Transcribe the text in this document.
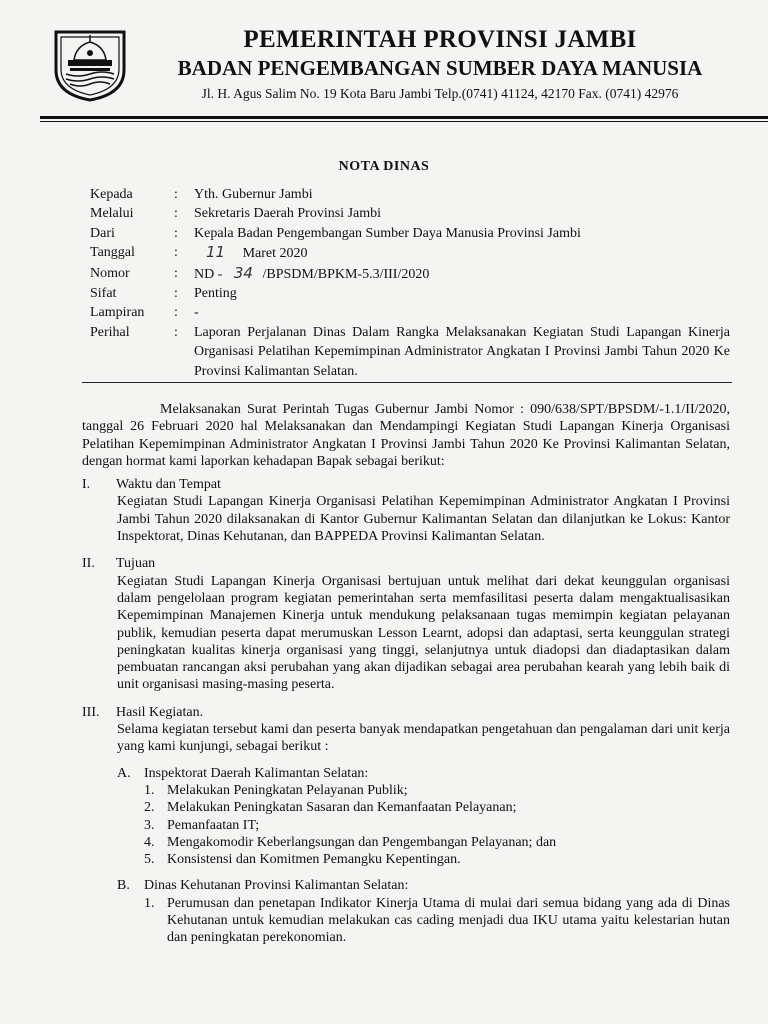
PEMERINTAH PROVINSI JAMBI
BADAN PENGEMBANGAN SUMBER DAYA MANUSIA
Jl. H. Agus Salim No. 19 Kota Baru Jambi Telp.(0741) 41124, 42170 Fax. (0741) 42976
NOTA DINAS
Kepada	:	Yth. Gubernur Jambi
Melalui	:	Sekretaris Daerah Provinsi Jambi
Dari	:	Kepala Badan Pengembangan Sumber Daya Manusia Provinsi Jambi
Tanggal	:	11 Maret 2020
Nomor	:	ND - 34 /BPSDM/BPKM-5.3/III/2020
Sifat	:	Penting
Lampiran	:	-
Perihal	:	Laporan Perjalanan Dinas Dalam Rangka Melaksanakan Kegiatan Studi Lapangan Kinerja Organisasi Pelatihan Kepemimpinan Administrator Angkatan I Provinsi Jambi Tahun 2020 Ke Provinsi Kalimantan Selatan.

Melaksanakan Surat Perintah Tugas Gubernur Jambi Nomor : 090/638/SPT/BPSDM/-1.1/II/2020, tanggal 26 Februari 2020 hal Melaksanakan dan Mendampingi Kegiatan Studi Lapangan Kinerja Organisasi Pelatihan Kepemimpinan Administrator Angkatan I Provinsi Jambi Tahun 2020 Ke Provinsi Kalimantan Selatan, dengan hormat kami laporkan kehadapan Bapak sebagai berikut:

I.	Waktu dan Tempat
Kegiatan Studi Lapangan Kinerja Organisasi Pelatihan Kepemimpinan Administrator Angkatan I Provinsi Jambi Tahun 2020 dilaksanakan di Kantor Gubernur Kalimantan Selatan dan dilanjutkan ke Lokus: Kantor Inspektorat, Dinas Kehutanan, dan BAPPEDA Provinsi Kalimantan Selatan.
II.	Tujuan
Kegiatan Studi Lapangan Kinerja Organisasi bertujuan untuk melihat dari dekat keunggulan organisasi dalam pengelolaan program kegiatan pemerintahan serta memfasilitasi peserta dalam mengaktualisasikan Kepemimpinan Manajemen Kinerja untuk mendukung pelaksanaan tugas memimpin kegiatan pelayanan publik, kemudian peserta dapat merumuskan Lesson Learnt, adopsi dan adaptasi, serta keunggulan strategi peningkatan kualitas kinerja organisasi yang tinggi, selanjutnya untuk diadopsi dan diadaptasikan dalam pembuatan rancangan aksi perubahan yang akan dijadikan sebagai area perubahan kearah yang lebih baik di unit organisasi masing-masing peserta.
III.	Hasil Kegiatan.
Selama kegiatan tersebut kami dan peserta banyak mendapatkan pengetahuan dan pengalaman dari unit kerja yang kami kunjungi, sebagai berikut :
A. Inspektorat Daerah Kalimantan Selatan:
1. Melakukan Peningkatan Pelayanan Publik;
2. Melakukan Peningkatan Sasaran dan Kemanfaatan Pelayanan;
3. Pemanfaatan IT;
4. Mengakomodir Keberlangsungan dan Pengembangan Pelayanan; dan
5. Konsistensi dan Komitmen Pemangku Kepentingan.
B.	Dinas Kehutanan Provinsi Kalimantan Selatan:
1. Perumusan dan penetapan Indikator Kinerja Utama di mulai dari semua bidang yang ada di Dinas Kehutanan untuk kemudian melakukan cas cading menjadi dua IKU utama yaitu kelestarian hutan dan peningkatan perekonomian.
